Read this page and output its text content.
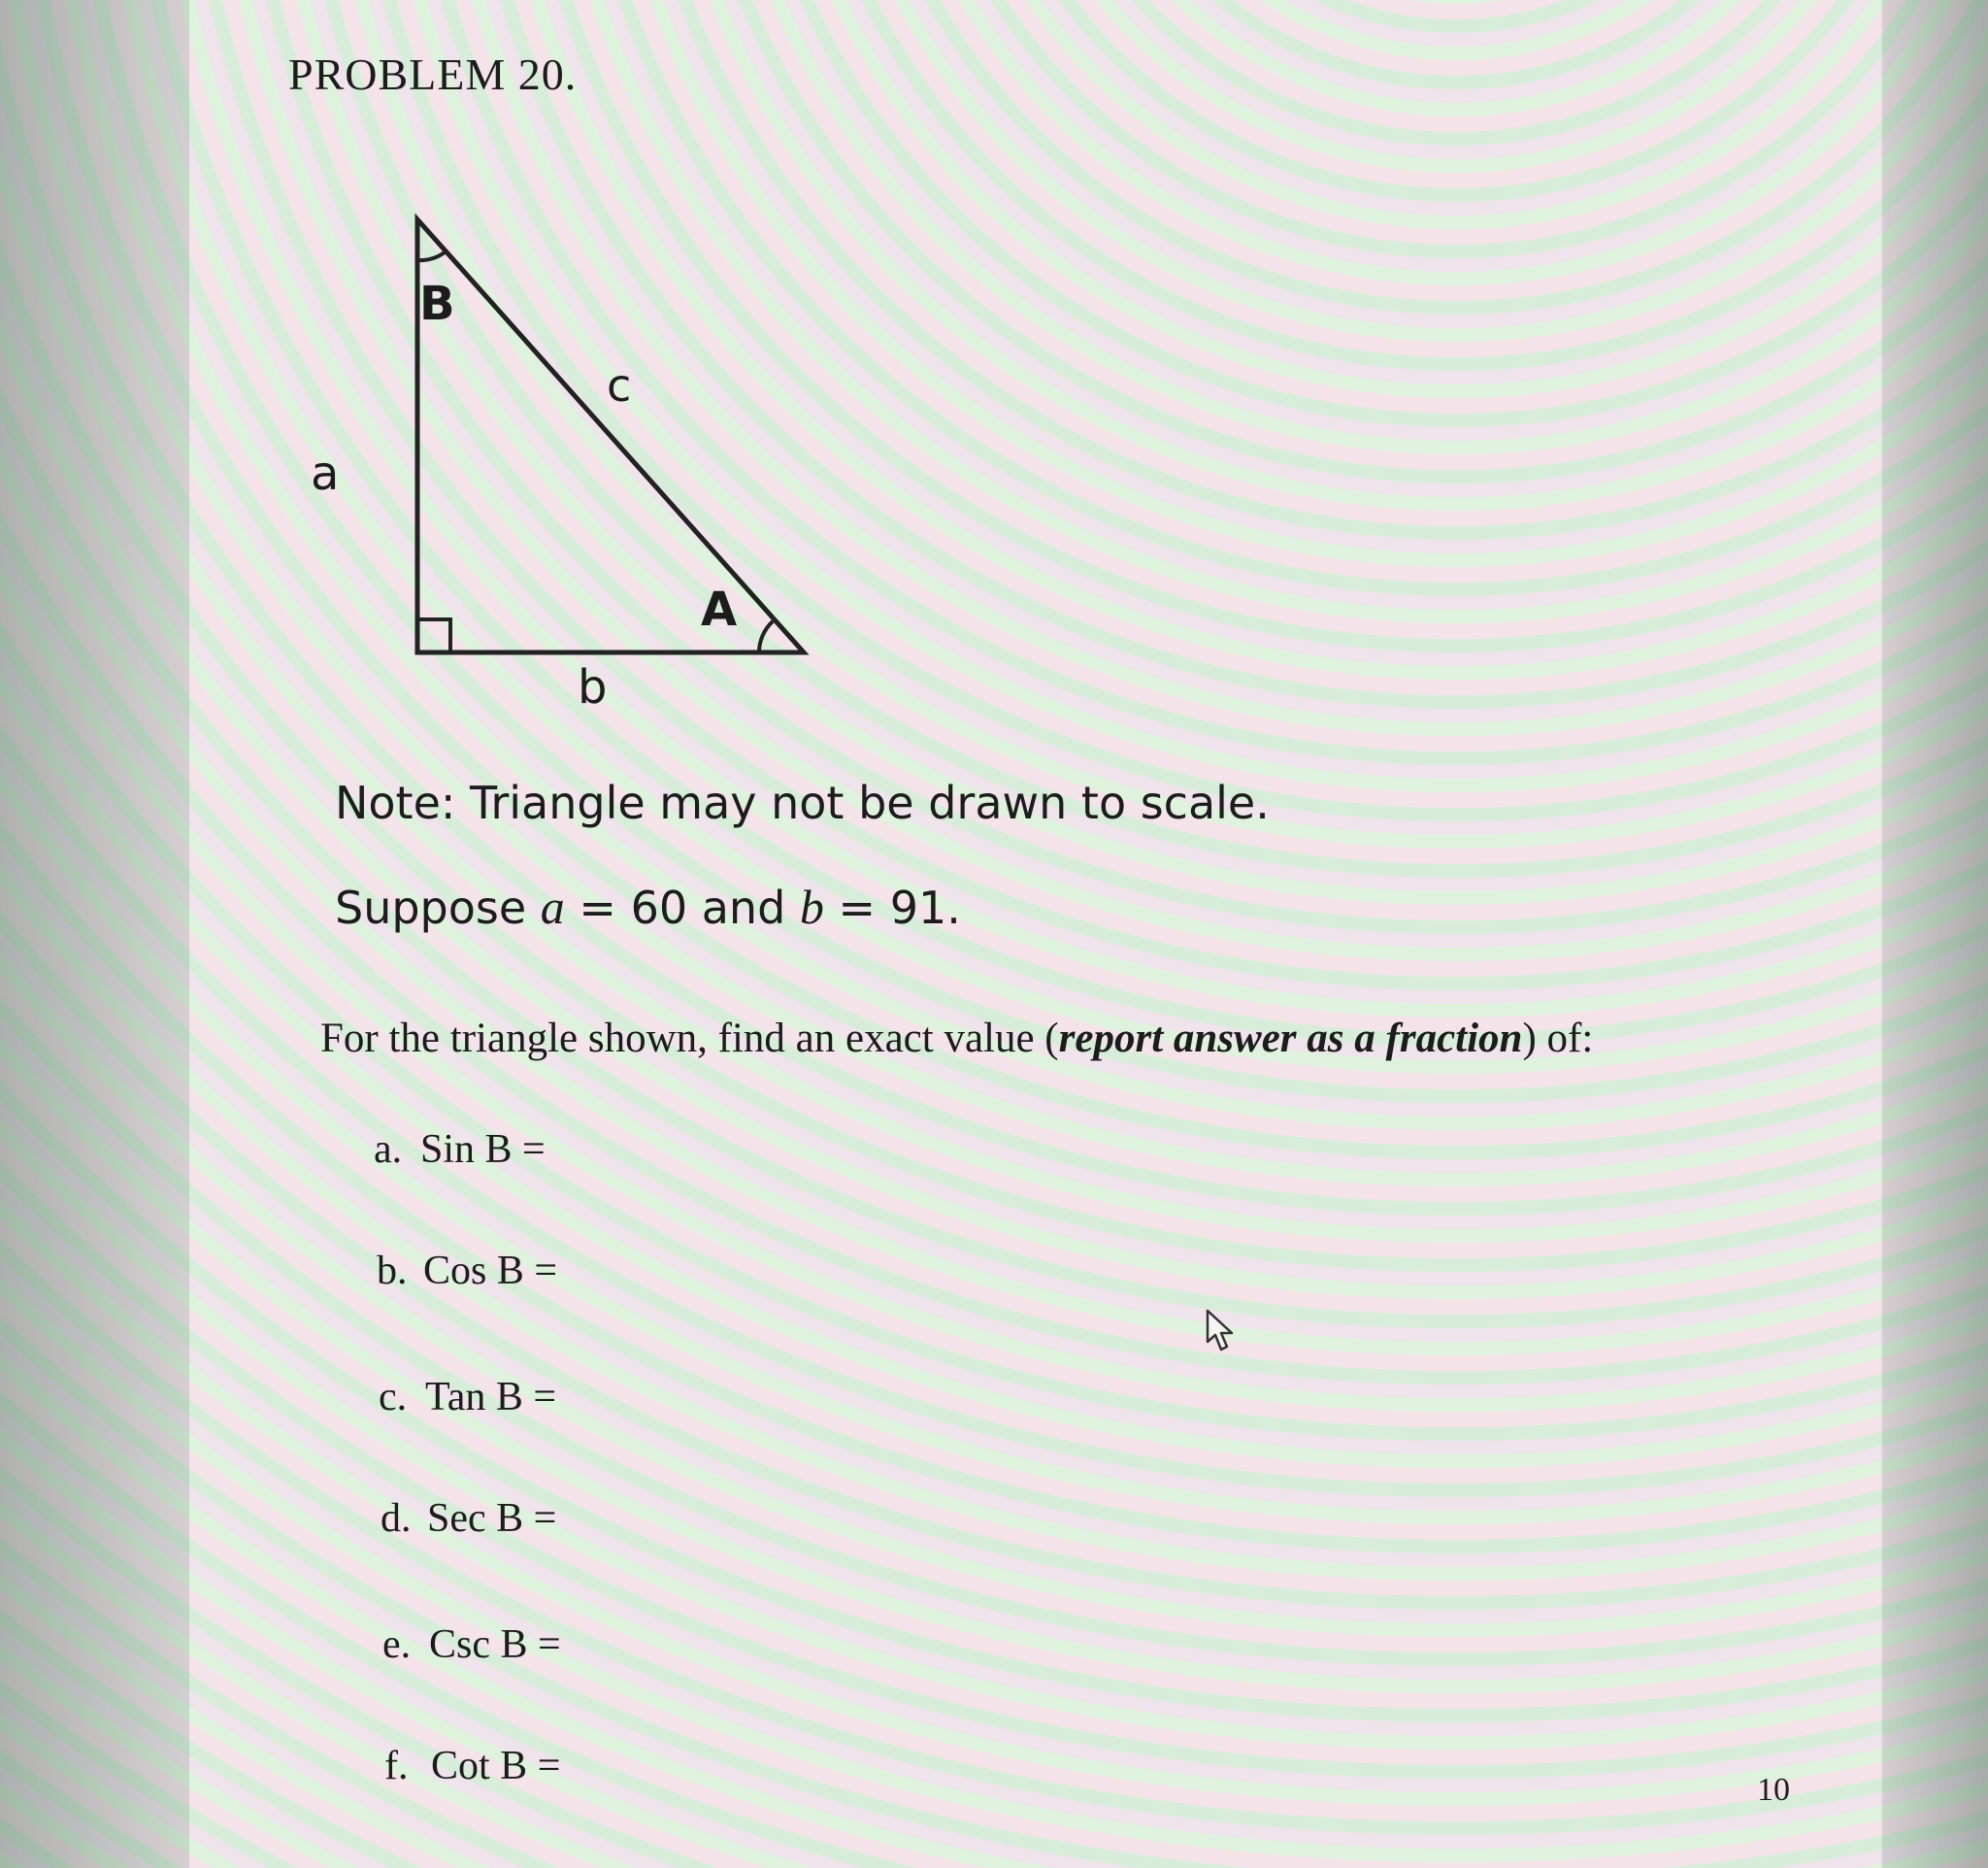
PROBLEM 20.
B
A
a
b
c
Note: Triangle may not be drawn to scale.
Suppose a = 60 and b = 91.
For the triangle shown, find an exact value (report answer as a fraction) of:
a. Sin B =
b. Cos B =
c. Tan B =
d. Sec B =
e. Csc B =
f. Cot B =
10
